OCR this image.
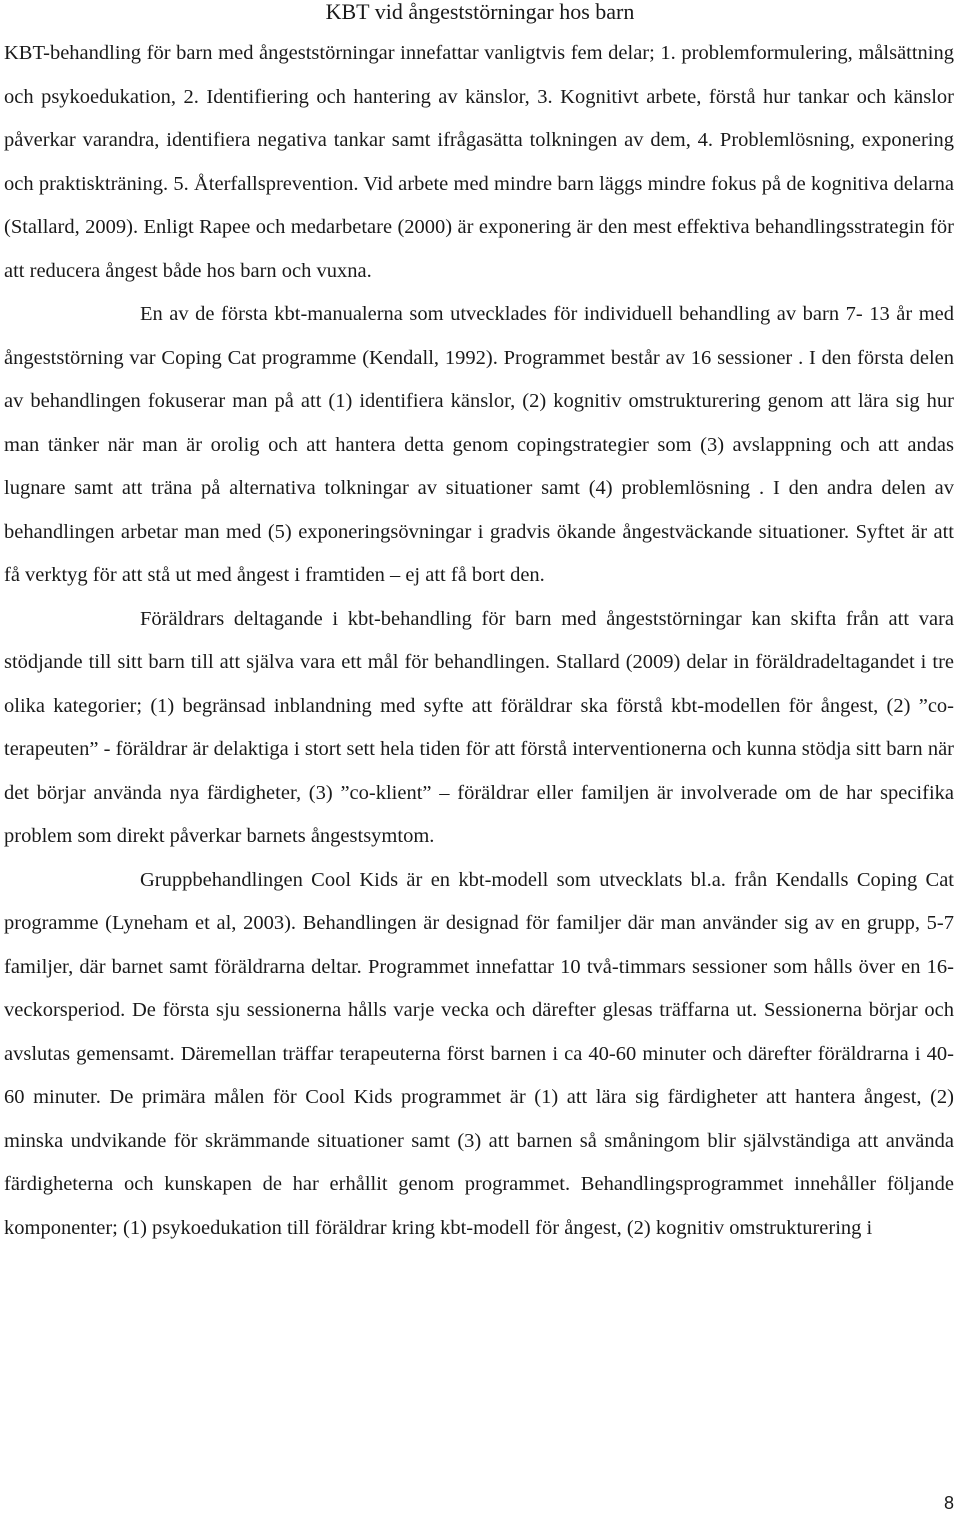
KBT vid ångeststörningar hos barn

KBT-behandling för barn med ångeststörningar innefattar vanligtvis fem delar; 1. problemformulering, målsättning och psykoedukation, 2. Identifiering och hantering av känslor, 3. Kognitivt arbete, förstå hur tankar och känslor påverkar varandra, identifiera negativa tankar samt ifrågasätta tolkningen av dem, 4. Problemlösning, exponering och praktiskträning. 5. Återfallsprevention. Vid arbete med mindre barn läggs mindre fokus på de kognitiva delarna (Stallard, 2009). Enligt Rapee och medarbetare (2000) är exponering är den mest effektiva behandlingsstrategin för att reducera ångest både hos barn och vuxna.

En av de första kbt-manualerna som utvecklades för individuell behandling av barn 7- 13 år med ångeststörning var Coping Cat programme (Kendall, 1992). Programmet består av 16 sessioner . I den första delen av behandlingen fokuserar man på att (1) identifiera känslor, (2) kognitiv omstrukturering genom att lära sig hur man tänker när man är orolig och att hantera detta genom copingstrategier som (3) avslappning och att andas lugnare samt att träna på alternativa tolkningar av situationer samt (4) problemlösning . I den andra delen av behandlingen arbetar man med (5) exponeringsövningar i gradvis ökande ångestväckande situationer. Syftet är att få verktyg för att stå ut med ångest i framtiden – ej att få bort den.

Föräldrars deltagande i kbt-behandling för barn med ångeststörningar kan skifta från att vara stödjande till sitt barn till att själva vara ett mål för behandlingen. Stallard (2009) delar in föräldradeltagandet i tre olika kategorier; (1) begränsad inblandning med syfte att föräldrar ska förstå kbt-modellen för ångest, (2) ”co-terapeuten” - föräldrar är delaktiga i stort sett hela tiden för att förstå interventionerna och kunna stödja sitt barn när det börjar använda nya färdigheter, (3) ”co-klient” – föräldrar eller familjen är involverade om de har specifika problem som direkt påverkar barnets ångestsymtom.

Gruppbehandlingen Cool Kids är en kbt-modell som utvecklats bl.a. från Kendalls Coping Cat programme (Lyneham et al, 2003). Behandlingen är designad för familjer där man använder sig av en grupp, 5-7 familjer, där barnet samt föräldrarna deltar. Programmet innefattar 10 två-timmars sessioner som hålls över en 16-veckorsperiod. De första sju sessionerna hålls varje vecka och därefter glesas träffarna ut. Sessionerna börjar och avslutas gemensamt. Däremellan träffar terapeuterna först barnen i ca 40-60 minuter och därefter föräldrarna i 40-60 minuter. De primära målen för Cool Kids programmet är (1) att lära sig färdigheter att hantera ångest, (2) minska undvikande för skrämmande situationer samt (3) att barnen så småningom blir självständiga att använda färdigheterna och kunskapen de har erhållit genom programmet. Behandlingsprogrammet innehåller följande komponenter; (1) psykoedukation till föräldrar kring kbt-modell för ångest, (2) kognitiv omstrukturering i

8
